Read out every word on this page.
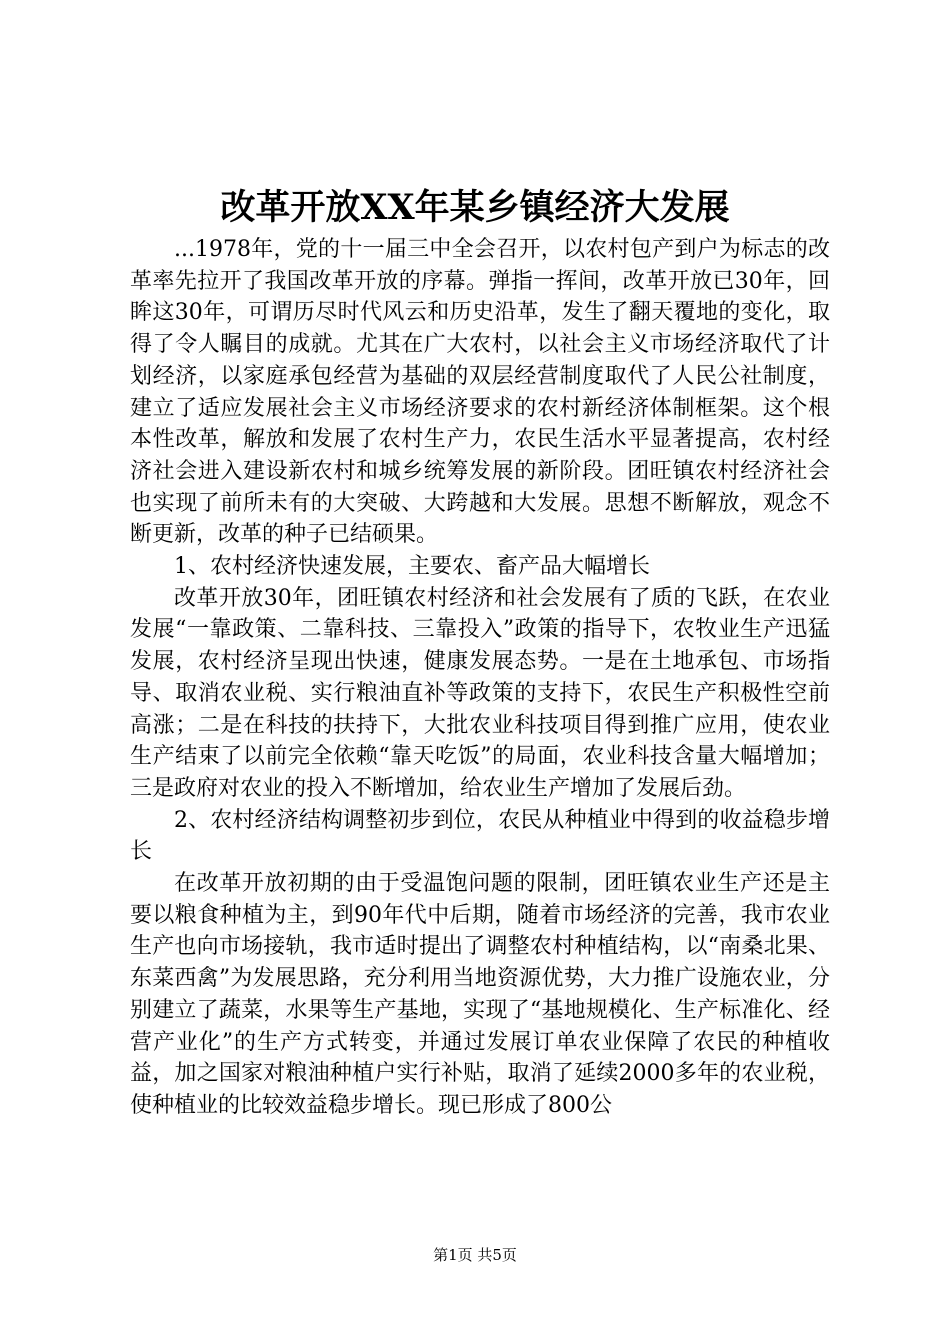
改革开放XX年某乡镇经济大发展

...1978年，党的十一届三中全会召开，以农村包产到户为标志的改革率先拉开了我国改革开放的序幕。弹指一挥间，改革开放已30年，回眸这30年，可谓历尽时代风云和历史沿革，发生了翻天覆地的变化，取得了令人瞩目的成就。尤其在广大农村，以社会主义市场经济取代了计划经济，以家庭承包经营为基础的双层经营制度取代了人民公社制度，建立了适应发展社会主义市场经济要求的农村新经济体制框架。这个根本性改革，解放和发展了农村生产力，农民生活水平显著提高，农村经济社会进入建设新农村和城乡统筹发展的新阶段。团旺镇农村经济社会也实现了前所未有的大突破、大跨越和大发展。思想不断解放，观念不断更新，改革的种子已结硕果。

1、农村经济快速发展，主要农、畜产品大幅增长

改革开放30年，团旺镇农村经济和社会发展有了质的飞跃，在农业发展“一靠政策、二靠科技、三靠投入”政策的指导下，农牧业生产迅猛发展，农村经济呈现出快速，健康发展态势。一是在土地承包、市场指导、取消农业税、实行粮油直补等政策的支持下，农民生产积极性空前高涨；二是在科技的扶持下，大批农业科技项目得到推广应用，使农业生产结束了以前完全依赖“靠天吃饭”的局面，农业科技含量大幅增加；三是政府对农业的投入不断增加，给农业生产增加了发展后劲。

2、农村经济结构调整初步到位，农民从种植业中得到的收益稳步增长

在改革开放初期的由于受温饱问题的限制，团旺镇农业生产还是主要以粮食种植为主，到90年代中后期，随着市场经济的完善，我市农业生产也向市场接轨，我市适时提出了调整农村种植结构，以“南桑北果、东菜西禽”为发展思路，充分利用当地资源优势，大力推广设施农业，分别建立了蔬菜，水果等生产基地，实现了“基地规模化、生产标准化、经营产业化”的生产方式转变，并通过发展订单农业保障了农民的种植收益，加之国家对粮油种植户实行补贴，取消了延续2000多年的农业税，使种植业的比较效益稳步增长。现已形成了800公

第1页 共5页
